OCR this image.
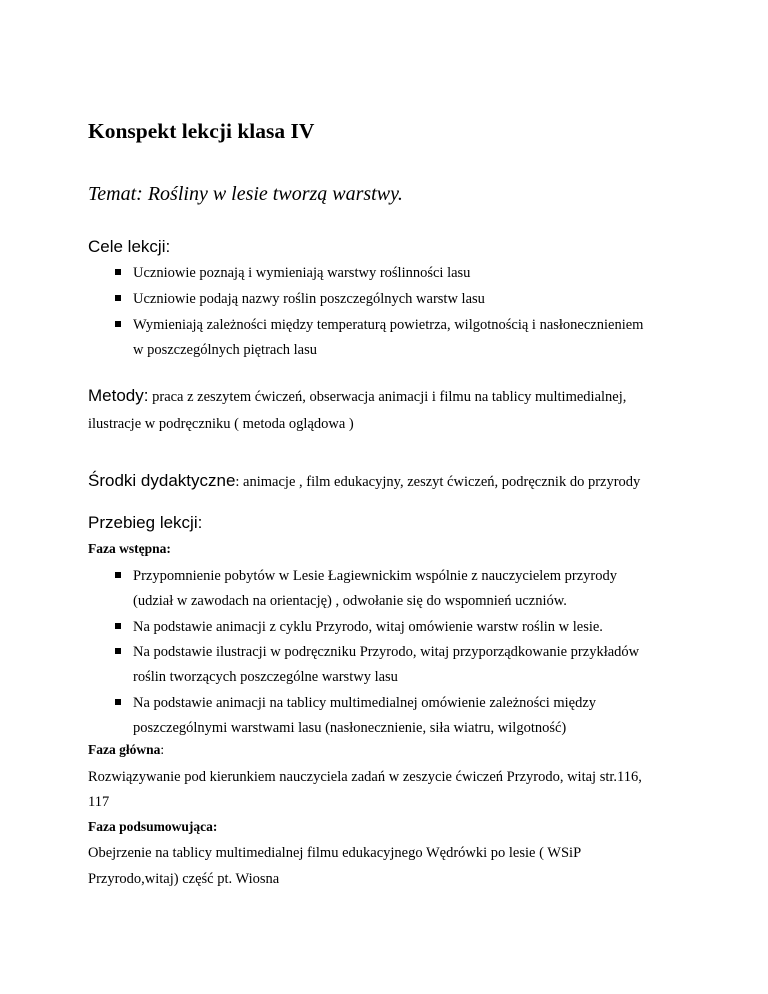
Konspekt lekcji klasa IV
Temat: Rośliny w lesie tworzą warstwy.
Cele lekcji:
Uczniowie poznają i wymieniają warstwy roślinności lasu
Uczniowie podają nazwy roślin poszczególnych warstw lasu
Wymieniają zależności między temperaturą powietrza, wilgotnością i nasłonecznieniem
w poszczególnych piętrach lasu
Metody: praca z zeszytem ćwiczeń, obserwacja animacji i filmu na tablicy multimedialnej,
ilustracje w podręczniku ( metoda oglądowa )
Środki dydaktyczne: animacje , film edukacyjny, zeszyt ćwiczeń, podręcznik do przyrody
Przebieg lekcji:
Faza wstępna:
Przypomnienie pobytów w Lesie Łagiewnickim wspólnie z nauczycielem przyrody
(udział w zawodach na orientację) , odwołanie się do wspomnień uczniów.
Na podstawie animacji z cyklu Przyrodo, witaj omówienie warstw roślin w lesie.
Na podstawie ilustracji w podręczniku Przyrodo, witaj przyporządkowanie przykładów
roślin tworzących poszczególne warstwy lasu
Na podstawie animacji na tablicy multimedialnej omówienie zależności między
poszczególnymi warstwami lasu (nasłonecznienie, siła wiatru, wilgotność)
Faza główna:
Rozwiązywanie pod kierunkiem nauczyciela zadań w zeszycie ćwiczeń Przyrodo, witaj str.116,
117
Faza podsumowująca:
Obejrzenie na tablicy multimedialnej filmu edukacyjnego Wędrówki po lesie ( WSiP
Przyrodo,witaj) część pt. Wiosna
